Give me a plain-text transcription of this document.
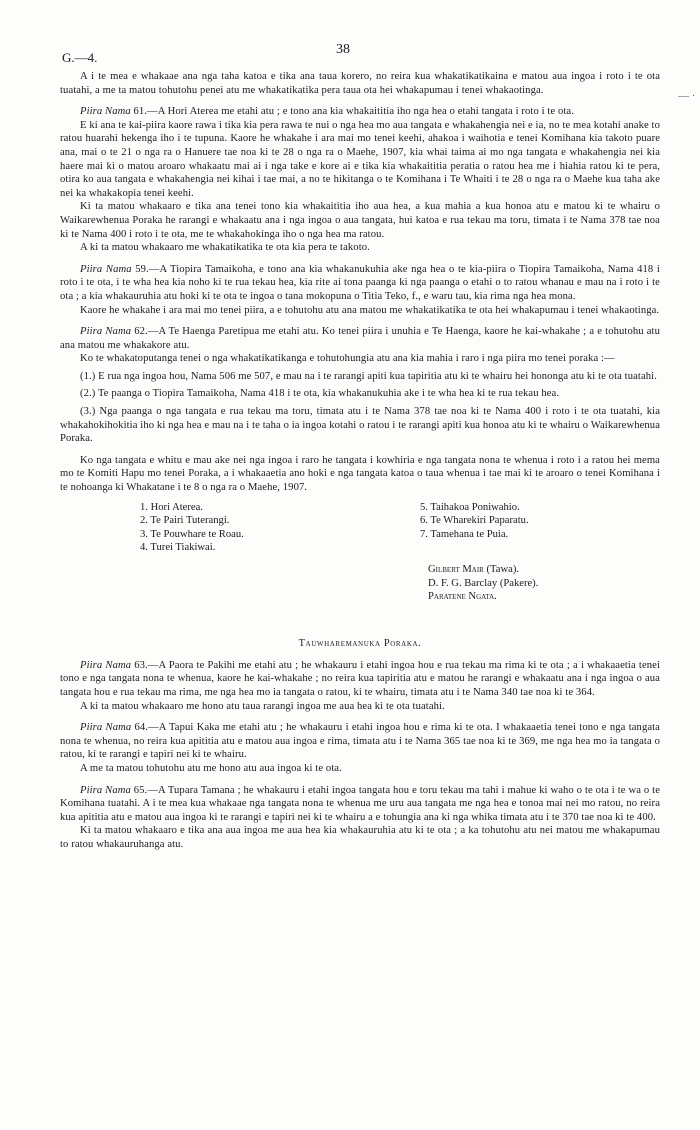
— ·
G.—4.
38

A i te mea e whakaae ana nga taha katoa e tika ana taua korero, no reira kua whakatikatikaina e matou aua ingoa i roto i te ota tuatahi, a me ta matou tohutohu penei atu me whakatikatika pera taua ota hei whakapumau i tenei whakaotinga.

Piira Nama 61.—A Hori Aterea me etahi atu ; e tono ana kia whakaititia iho nga hea o etahi tangata i roto i te ota.

E ki ana te kai-piira kaore rawa i tika kia pera rawa te nui o nga hea mo aua tangata e whakahengia nei e ia, no te mea kotahi anake to ratou huarahi hekenga iho i te tupuna. Kaore he whakahe i ara mai mo tenei keehi, ahakoa i waihotia e tenei Komihana kia takoto puare ana, mai o te 21 o nga ra o Hanuere tae noa ki te 28 o nga ra o Maehe, 1907, kia whai taima ai mo nga tangata e whakahengia nei kia haere mai ki o matou aroaro whakaatu mai ai i nga take e kore ai e tika kia whakaititia peratia o ratou hea me i hiahia ratou ki te pera, otira ko aua tangata e whakahengia nei kihai i tae mai, a no te hikitanga o te Komihana i Te Whaiti i te 28 o nga ra o Maehe kua taha ake nei ka whakakopia tenei keehi.

Ki ta matou whakaaro e tika ana tenei tono kia whakaititia iho aua hea, a kua mahia a kua honoa atu e matou ki te whairu o Waikarewhenua Poraka he rarangi e whakaatu ana i nga ingoa o aua tangata, hui katoa e rua tekau ma toru, timata i te Nama 378 tae noa ki te Nama 400 i roto i te ota, me te whakahokinga iho o nga hea ma ratou.

A ki ta matou whakaaro me whakatikatika te ota kia pera te takoto.

Piira Nama 59.—A Tiopira Tamaikoha, e tono ana kia whakanukuhia ake nga hea o te kia-piira o Tiopira Tamaikoha, Nama 418 i roto i te ota, i te wha hea kia noho ki te rua tekau hea, kia rite ai tona paanga ki nga paanga o etahi o to ratou whanau e mau na i roto i te ota ; a kia whakauruhia atu hoki ki te ota te ingoa o tana mokopuna o Titia Teko, f., e waru tau, kia rima nga hea mona.

Kaore he whakahe i ara mai mo tenei piira, a e tohutohu atu ana matou me whakatikatika te ota hei whakapumau i tenei whakaotinga.

Piira Nama 62.—A Te Haenga Paretipua me etahi atu. Ko tenei piira i unuhia e Te Haenga, kaore he kai-whakahe ; a e tohutohu atu ana matou me whakakore atu.

Ko te whakatoputanga tenei o nga whakatikatikanga e tohutohungia atu ana kia mahia i raro i nga piira mo tenei poraka :—

(1.) E rua nga ingoa hou, Nama 506 me 507, e mau na i te rarangi apiti kua tapiritia atu ki te whairu hei hononga atu ki te ota tuatahi.

(2.) Te paanga o Tiopira Tamaikoha, Nama 418 i te ota, kia whakanukuhia ake i te wha hea ki te rua tekau hea.

(3.) Nga paanga o nga tangata e rua tekau ma toru, timata atu i te Nama 378 tae noa ki te Nama 400 i roto i te ota tuatahi, kia whakahokihokitia iho ki nga hea e mau na i te taha o ia ingoa kotahi o ratou i te rarangi apiti kua honoa atu ki te whairu o Waikarewhenua Poraka.

Ko nga tangata e whitu e mau ake nei nga ingoa i raro he tangata i kowhiria e nga tangata nona te whenua i roto i a ratou hei mema mo te Komiti Hapu mo tenei Poraka, a i whakaaetia ano hoki e nga tangata katoa o taua whenua i tae mai ki te aroaro o tenei Komihana i te nohoanga ki Whakatane i te 8 o nga ra o Maehe, 1907.

1. Hori Aterea.
2. Te Pairi Tuterangi.
3. Te Pouwhare te Roau.
4. Turei Tiakiwai.
5. Taihakoa Poniwahio.
6. Te Wharekiri Paparatu.
7. Tamehana te Puia.
Gilbert Mair (Tawa).
D. F. G. Barclay (Pakere).
Paratene Ngata.
Tauwharemanuka Poraka.

Piira Nama 63.—A Paora te Pakihi me etahi atu ; he whakauru i etahi ingoa hou e rua tekau ma rima ki te ota ; a i whakaaetia tenei tono e nga tangata nona te whenua, kaore he kai-whakahe ; no reira kua tapiritia atu e matou he rarangi e whakaatu ana i nga ingoa o aua tangata hou e rua tekau ma rima, me nga hea mo ia tangata o ratou, ki te whairu, timata atu i te Nama 340 tae noa ki te 364.

A ki ta matou whakaaro me hono atu taua rarangi ingoa me aua hea ki te ota tuatahi.

Piira Nama 64.—A Tapui Kaka me etahi atu ; he whakauru i etahi ingoa hou e rima ki te ota. I whakaaetia tenei tono e nga tangata nona te whenua, no reira kua apititia atu e matou aua ingoa e rima, timata atu i te Nama 365 tae noa ki te 369, me nga hea mo ia tangata o ratou, ki te rarangi e tapiri nei ki te whairu.

A me ta matou tohutohu atu me hono atu aua ingoa ki te ota.

Piira Nama 65.—A Tupara Tamana ; he whakauru i etahi ingoa tangata hou e toru tekau ma tahi i mahue ki waho o te ota i te wa o te Komihana tuatahi. A i te mea kua whakaae nga tangata nona te whenua me uru aua tangata me nga hea e tonoa mai nei mo ratou, no reira kua apititia atu e matou aua ingoa ki te rarangi e tapiri nei ki te whairu a e tohungia ana ki nga whika timata atu i te 370 tae noa ki te 400.

Ki ta matou whakaaro e tika ana aua ingoa me aua hea kia whakauruhia atu ki te ota ; a ka tohutohu atu nei matou me whakapumau to ratou whakauruhanga atu.
